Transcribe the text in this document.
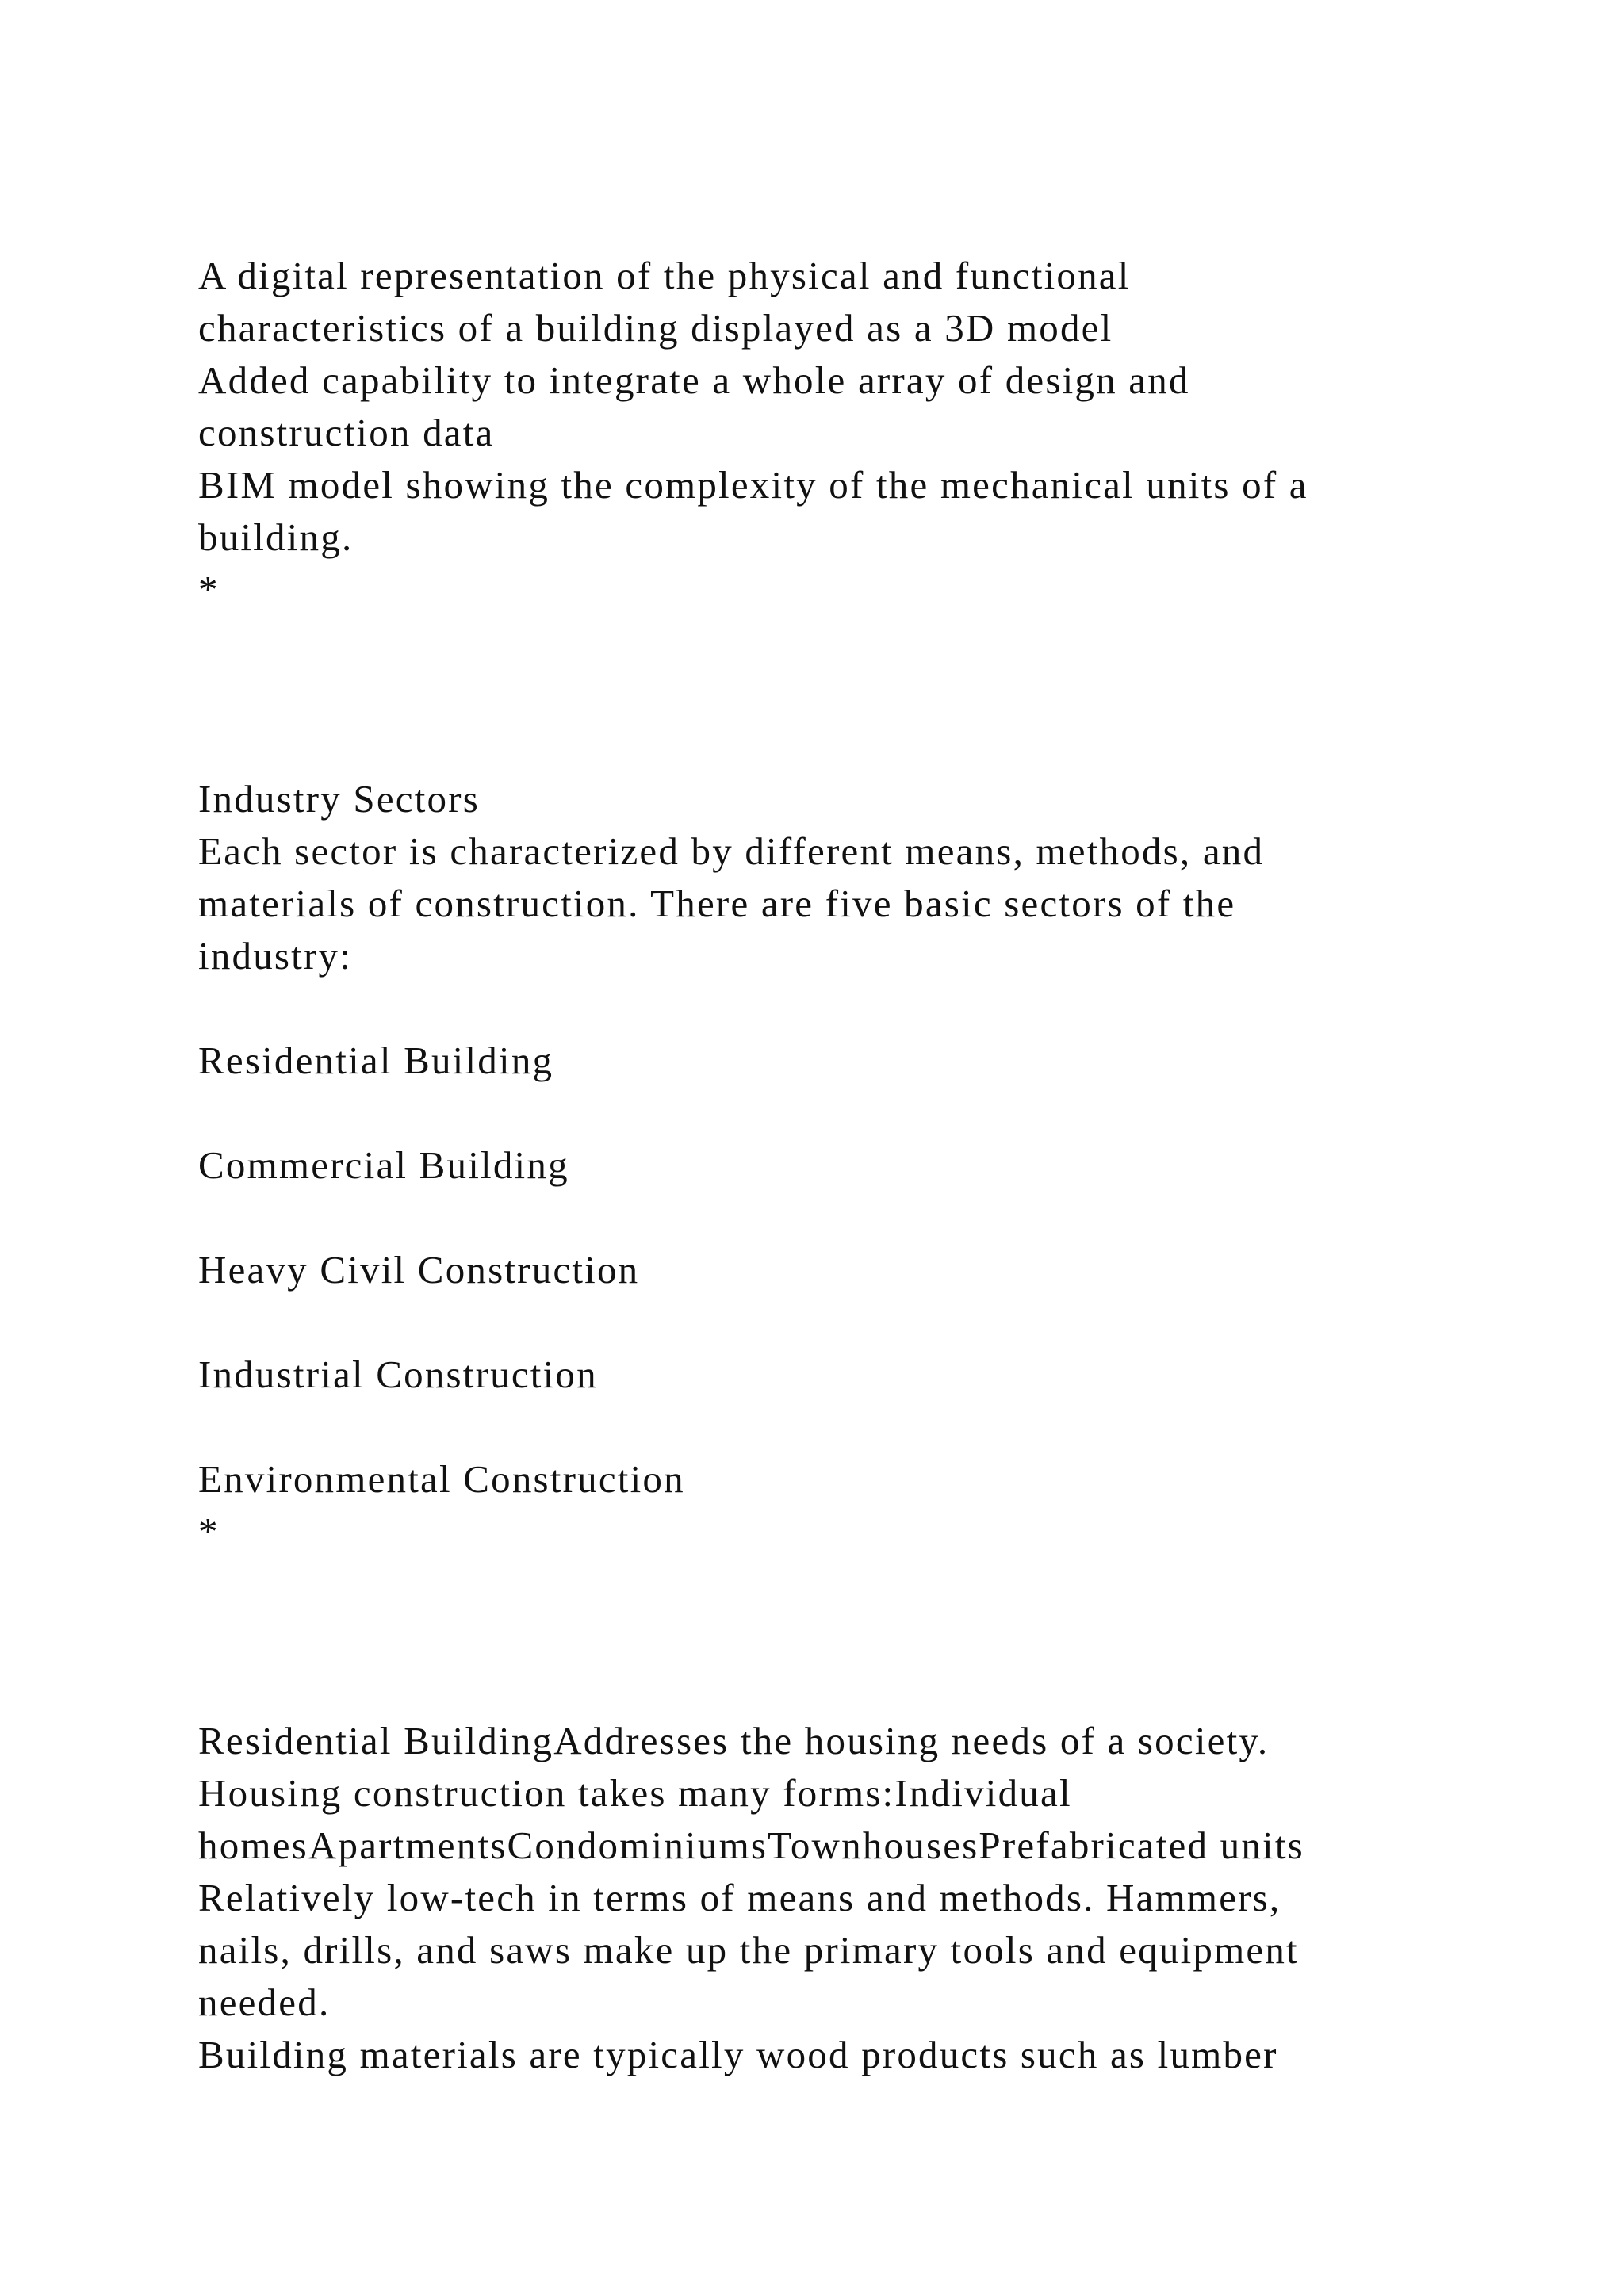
A digital representation of the physical and functional

characteristics of a building displayed as a 3D model

Added capability to integrate a whole array of design and

construction data

BIM model showing the complexity of the mechanical units of a

building.

*

Industry Sectors

Each sector is characterized by different means, methods, and

materials of construction. There are five basic sectors of the

industry:

Residential Building

Commercial Building

Heavy Civil Construction

Industrial Construction

Environmental Construction

*

Residential BuildingAddresses the housing needs of a society.

Housing construction takes many forms:Individual

homesApartmentsCondominiumsTownhousesPrefabricated units

Relatively low-tech in terms of means and methods. Hammers,

nails, drills, and saws make up the primary tools and equipment

needed.

Building materials are typically wood products such as lumber
